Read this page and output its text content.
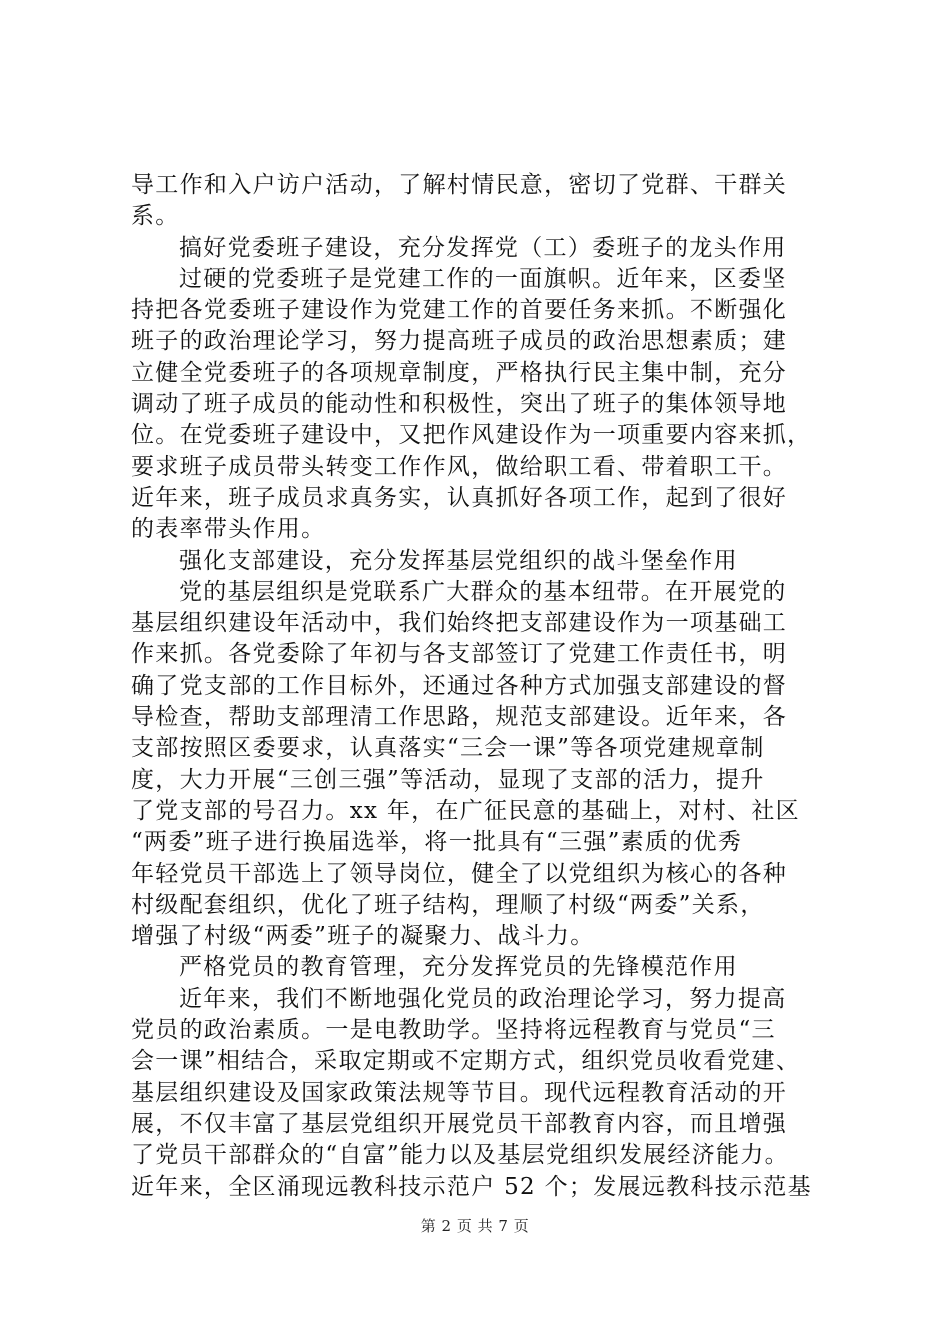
导工作和入户访户活动，了解村情民意，密切了党群、干群关
系。
搞好党委班子建设，充分发挥党（工）委班子的龙头作用
过硬的党委班子是党建工作的一面旗帜。近年来，区委坚
持把各党委班子建设作为党建工作的首要任务来抓。不断强化
班子的政治理论学习，努力提高班子成员的政治思想素质；建
立健全党委班子的各项规章制度，严格执行民主集中制，充分
调动了班子成员的能动性和积极性，突出了班子的集体领导地
位。在党委班子建设中，又把作风建设作为一项重要内容来抓，
要求班子成员带头转变工作作风，做给职工看、带着职工干。
近年来，班子成员求真务实，认真抓好各项工作，起到了很好
的表率带头作用。
强化支部建设，充分发挥基层党组织的战斗堡垒作用
党的基层组织是党联系广大群众的基本纽带。在开展党的
基层组织建设年活动中，我们始终把支部建设作为一项基础工
作来抓。各党委除了年初与各支部签订了党建工作责任书，明
确了党支部的工作目标外，还通过各种方式加强支部建设的督
导检查，帮助支部理清工作思路，规范支部建设。近年来，各
支部按照区委要求，认真落实“三会一课”等各项党建规章制
度，大力开展“三创三强”等活动，显现了支部的活力，提升
了党支部的号召力。xx 年，在广征民意的基础上，对村、社区
“两委”班子进行换届选举，将一批具有“三强”素质的优秀
年轻党员干部选上了领导岗位，健全了以党组织为核心的各种
村级配套组织，优化了班子结构，理顺了村级“两委”关系，
增强了村级“两委”班子的凝聚力、战斗力。
严格党员的教育管理，充分发挥党员的先锋模范作用
近年来，我们不断地强化党员的政治理论学习，努力提高
党员的政治素质。一是电教助学。坚持将远程教育与党员“三
会一课”相结合，采取定期或不定期方式，组织党员收看党建、
基层组织建设及国家政策法规等节目。现代远程教育活动的开
展，不仅丰富了基层党组织开展党员干部教育内容，而且增强
了党员干部群众的“自富”能力以及基层党组织发展经济能力。
近年来，全区涌现远教科技示范户 52 个；发展远教科技示范基
第 2 页 共 7 页
